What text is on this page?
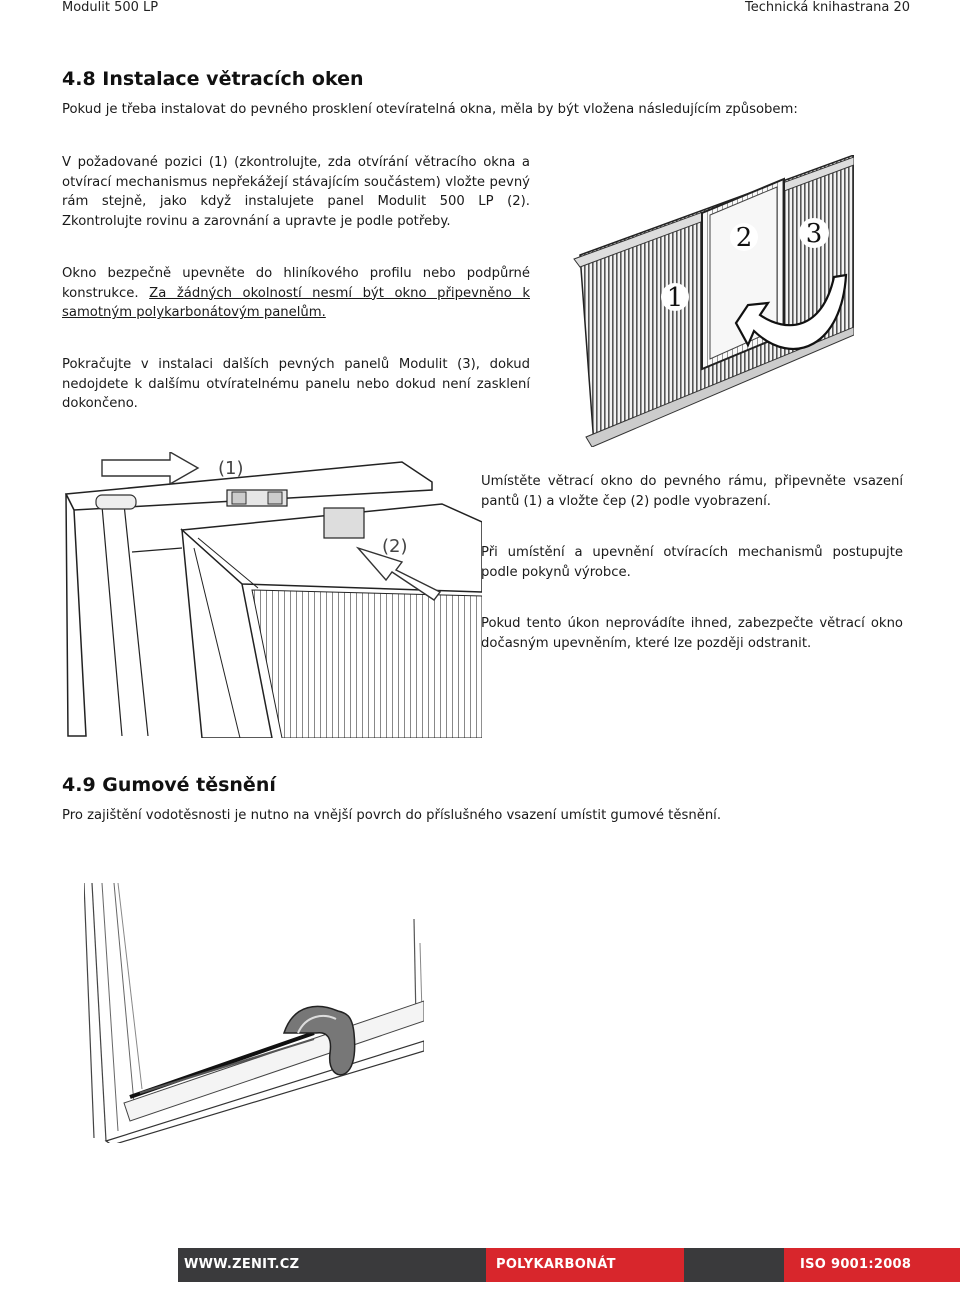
Modulit 500 LP	Technická kniha strana 20
4.8 Instalace větracích oken
Pokud je třeba instalovat do pevného prosklení otevíratelná okna, měla by být vložena následujícím způsobem:
V požadované pozici (1) (zkontrolujte, zda otvírání větracího okna a otvírací mechanismus nepřekážejí stávajícím součástem) vložte pevný rám stejně, jako když instalujete panel Modulit 500 LP (2). Zkontrolujte rovinu a zarovnání a upravte je podle potřeby.
Okno bezpečně upevněte do hliníkového profilu nebo podpůrné konstrukce. Za žádných okolností nesmí být okno připevněno k samotným polykarbonátovým panelům.
Pokračujte v instalaci dalších pevných panelů Modulit (3), dokud nedojdete k dalšímu otvíratelnému panelu nebo dokud není zasklení dokončeno.
1
2 3
(1)
(2)
Umístěte větrací okno do pevného rámu, připevněte vsazení pantů (1) a vložte čep (2) podle vyobrazení.
Při umístění a upevnění otvíracích mechanismů postupujte podle pokynů výrobce.
Pokud tento úkon neprovádíte ihned, zabezpečte větrací okno dočasným upevněním, které lze později odstranit.
4.9 Gumové těsnění
Pro zajištění vodotěsnosti je nutno na vnější povrch do příslušného vsazení umístit gumové těsnění.
WWW.ZENIT.CZ	POLYKARBONÁT	ISO 9001:2008
